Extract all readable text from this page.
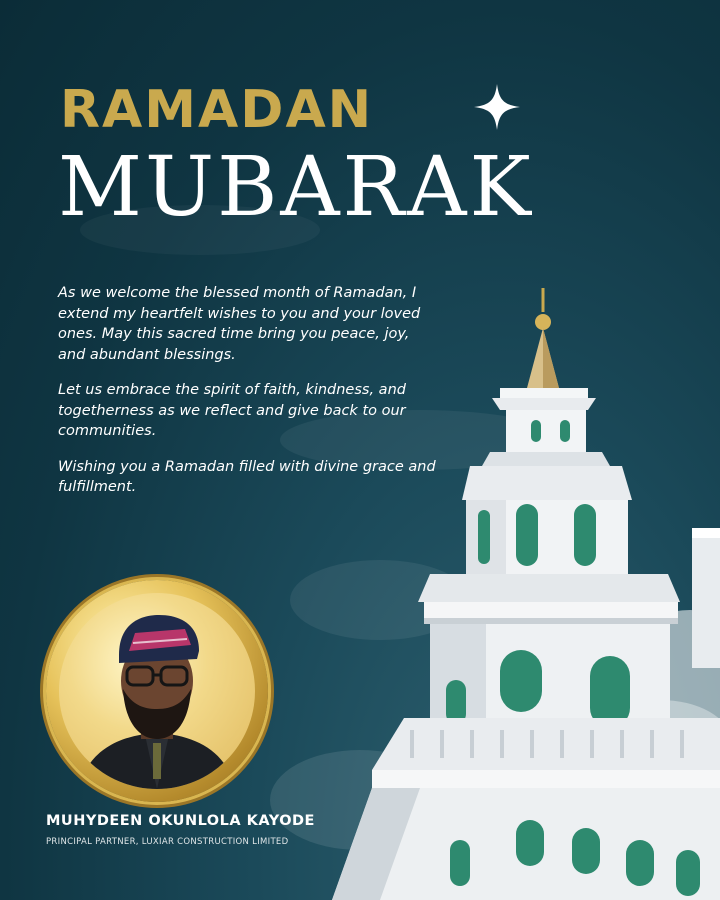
RAMADAN
MUBARAK

As we welcome the blessed month of Ramadan, I extend my heartfelt wishes to you and your loved ones. May this sacred time bring you peace, joy, and abundant blessings.

Let us embrace the spirit of faith, kindness, and togetherness as we reflect and give back to our communities.

Wishing you a Ramadan filled with divine grace and fulfillment.

MUHYDEEN OKUNLOLA KAYODE

PRINCIPAL PARTNER, LUXIAR CONSTRUCTION LIMITED
